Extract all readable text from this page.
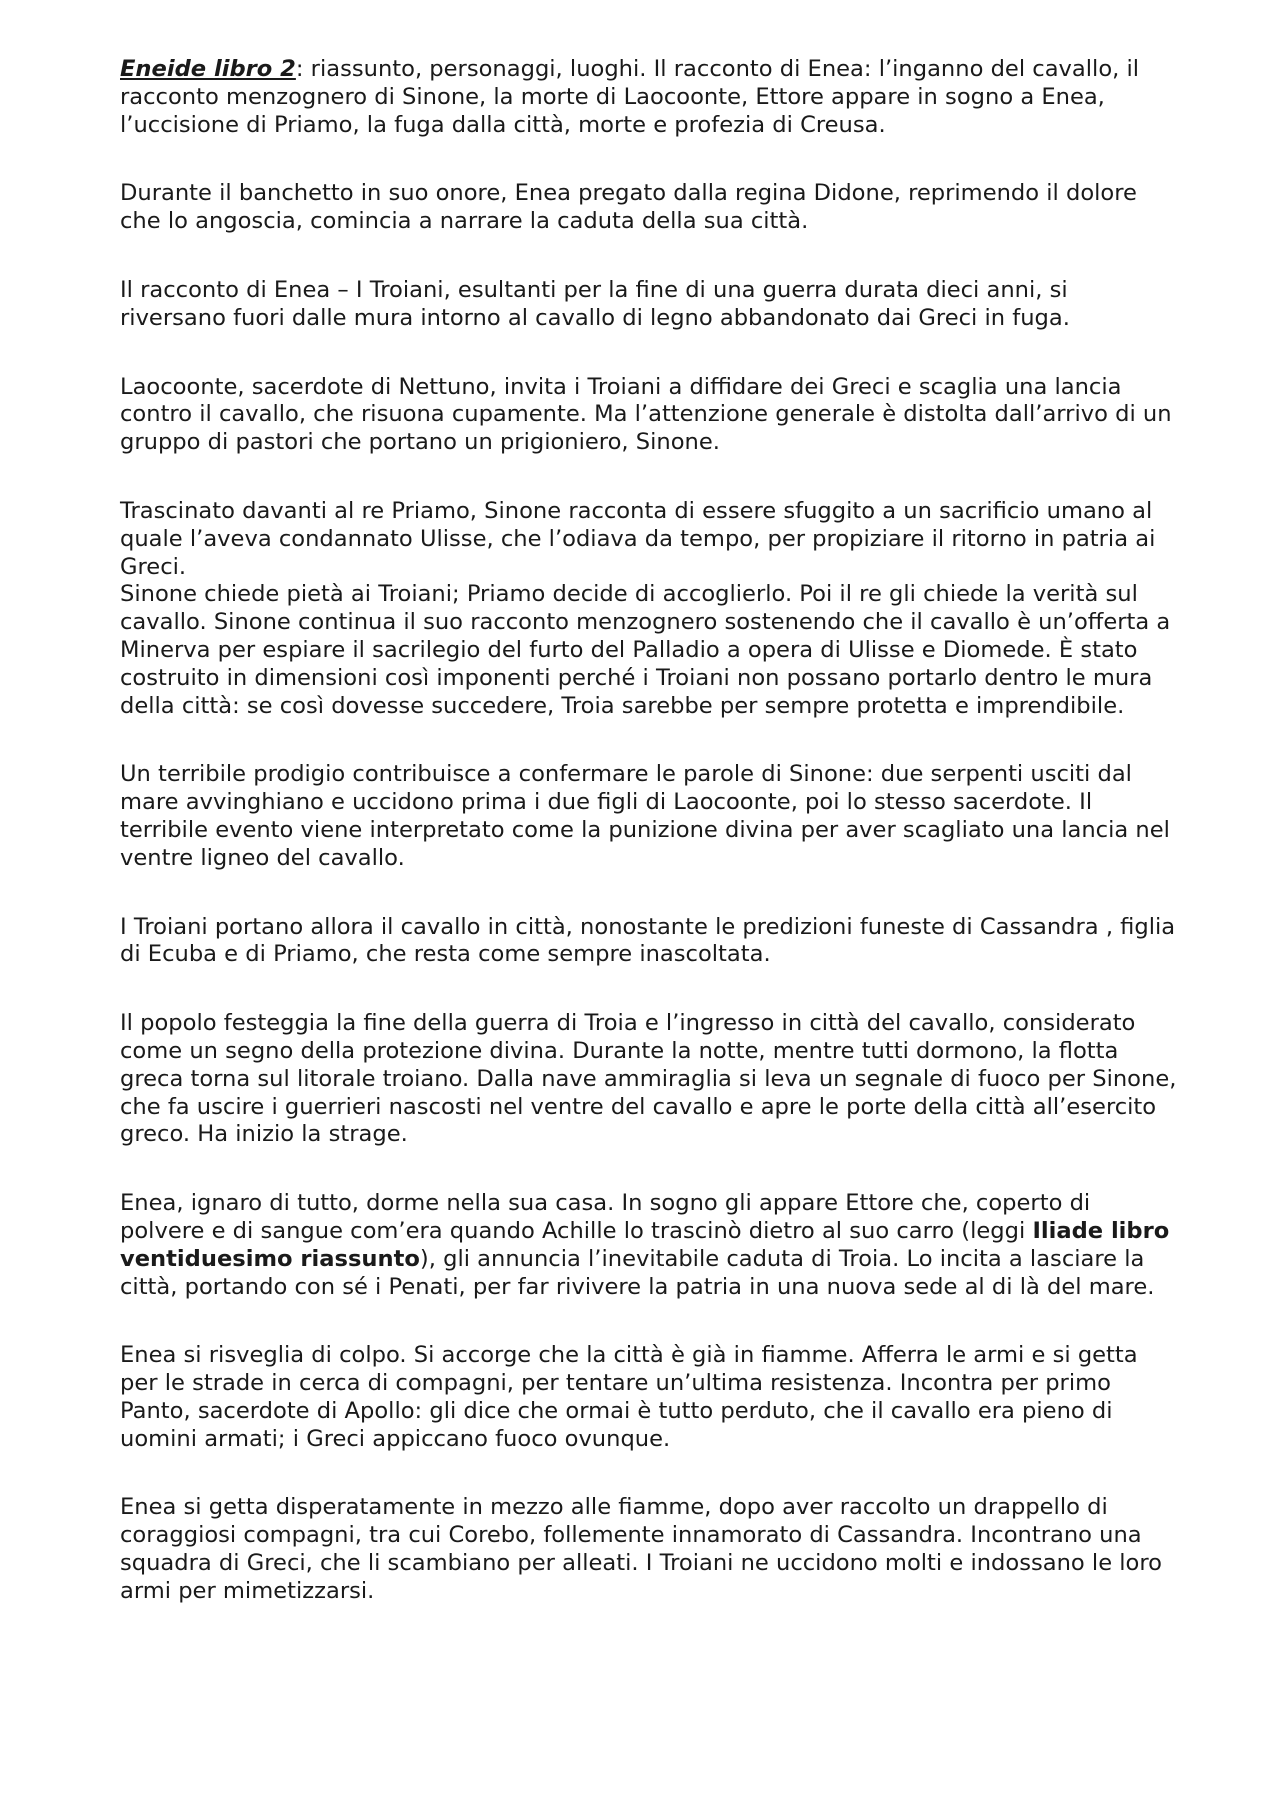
Eneide libro 2: riassunto, personaggi, luoghi. Il racconto di Enea: l’inganno del cavallo, il racconto menzognero di Sinone, la morte di Laocoonte, Ettore appare in sogno a Enea, l’uccisione di Priamo, la fuga dalla città, morte e profezia di Creusa.

Durante il banchetto in suo onore, Enea pregato dalla regina Didone, reprimendo il dolore che lo angoscia, comincia a narrare la caduta della sua città.

Il racconto di Enea – I Troiani, esultanti per la fine di una guerra durata dieci anni, si riversano fuori dalle mura intorno al cavallo di legno abbandonato dai Greci in fuga.

Laocoonte, sacerdote di Nettuno, invita i Troiani a diffidare dei Greci e scaglia una lancia contro il cavallo, che risuona cupamente. Ma l’attenzione generale è distolta dall’arrivo di un gruppo di pastori che portano un prigioniero, Sinone.

Trascinato davanti al re Priamo, Sinone racconta di essere sfuggito a un sacrificio umano al quale l’aveva condannato Ulisse, che l’odiava da tempo, per propiziare il ritorno in patria ai Greci.
Sinone chiede pietà ai Troiani; Priamo decide di accoglierlo. Poi il re gli chiede la verità sul cavallo. Sinone continua il suo racconto menzognero sostenendo che il cavallo è un’offerta a Minerva per espiare il sacrilegio del furto del Palladio a opera di Ulisse e Diomede. È stato costruito in dimensioni così imponenti perché i Troiani non possano portarlo dentro le mura della città: se così dovesse succedere, Troia sarebbe per sempre protetta e imprendibile.

Un terribile prodigio contribuisce a confermare le parole di Sinone: due serpenti usciti dal mare avvinghiano e uccidono prima i due figli di Laocoonte, poi lo stesso sacerdote. Il terribile evento viene interpretato come la punizione divina per aver scagliato una lancia nel ventre ligneo del cavallo.

I Troiani portano allora il cavallo in città, nonostante le predizioni funeste di Cassandra , figlia di Ecuba e di Priamo, che resta come sempre inascoltata.

Il popolo festeggia la fine della guerra di Troia e l’ingresso in città del cavallo, considerato come un segno della protezione divina. Durante la notte, mentre tutti dormono, la flotta greca torna sul litorale troiano. Dalla nave ammiraglia si leva un segnale di fuoco per Sinone, che fa uscire i guerrieri nascosti nel ventre del cavallo e apre le porte della città all’esercito greco. Ha inizio la strage.

Enea, ignaro di tutto, dorme nella sua casa. In sogno gli appare Ettore che, coperto di polvere e di sangue com’era quando Achille lo trascinò dietro al suo carro (leggi Iliade libro ventiduesimo riassunto), gli annuncia l’inevitabile caduta di Troia. Lo incita a lasciare la città, portando con sé i Penati, per far rivivere la patria in una nuova sede al di là del mare.

Enea si risveglia di colpo. Si accorge che la città è già in fiamme. Afferra le armi e si getta per le strade in cerca di compagni, per tentare un’ultima resistenza. Incontra per primo Panto, sacerdote di Apollo: gli dice che ormai è tutto perduto, che il cavallo era pieno di uomini armati; i Greci appiccano fuoco ovunque.

Enea si getta disperatamente in mezzo alle fiamme, dopo aver raccolto un drappello di coraggiosi compagni, tra cui Corebo, follemente innamorato di Cassandra. Incontrano una squadra di Greci, che li scambiano per alleati. I Troiani ne uccidono molti e indossano le loro armi per mimetizzarsi.
